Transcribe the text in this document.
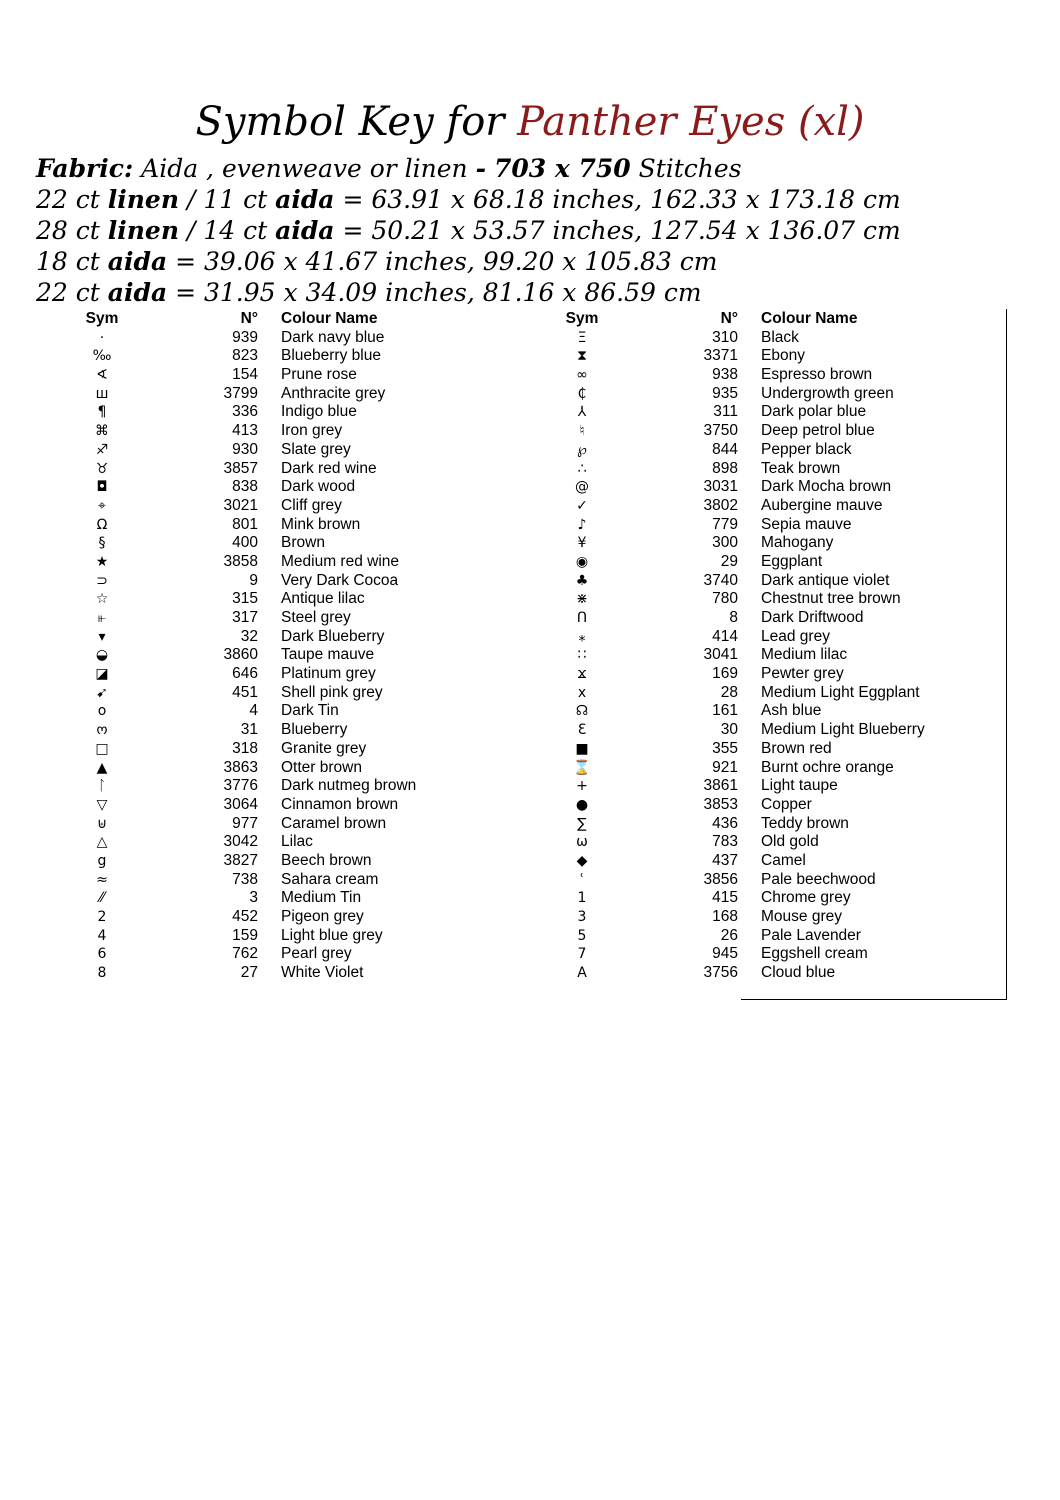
Symbol Key for Panther Eyes (xl)
Fabric: Aida , evenweave or linen - 703 x 750 Stitches
22 ct linen / 11 ct aida = 63.91 x 68.18 inches, 162.33 x 173.18 cm
28 ct linen / 14 ct aida = 50.21 x 53.57 inches, 127.54 x 136.07 cm
18 ct aida = 39.06 x 41.67 inches, 99.20 x 105.83 cm
22 ct aida = 31.95 x 34.09 inches, 81.16 x 86.59 cm
Sym	N° Colour Name
·	939 Dark navy blue
‰	823 Blueberry blue
∢	154 Prune rose
ш	3799 Anthracite grey
¶	336 Indigo blue
⌘	413 Iron grey
♐	930 Slate grey
♉	3857 Dark red wine
◘	838 Dark wood
⌖	3021 Cliff grey
Ω	801 Mink brown
§	400 Brown
★	3858 Medium red wine
⊃	9 Very Dark Cocoa
☆	315 Antique lilac
⫦	317 Steel grey
▾	32 Dark Blueberry
◒	3860 Taupe mauve
◪	646 Platinum grey
➹	451 Shell pink grey
o	4 Dark Tin
ო	31 Blueberry
□	318 Granite grey
▲	3863 Otter brown
ᛚ	3776 Dark nutmeg brown
▽	3064 Cinnamon brown
⊎	977 Caramel brown
△	3042 Lilac
g	3827 Beech brown
≈	738 Sahara cream
⁄⁄	3 Medium Tin
2	452 Pigeon grey
4	159 Light blue grey
6	762 Pearl grey
8	27 White Violet
Sym	N° Colour Name
Ξ	310 Black
⧗	3371 Ebony
∞	938 Espresso brown
₵	935 Undergrowth green
⅄	311 Dark polar blue
♮	3750 Deep petrol blue
℘	844 Pepper black
∴	898 Teak brown
@	3031 Dark Mocha brown
✓	3802 Aubergine mauve
♪	779 Sepia mauve
¥	300 Mahogany
◉	29 Eggplant
♣	3740 Dark antique violet
⋇	780 Chestnut tree brown
ᑎ	8 Dark Driftwood
⁎	414 Lead grey
∷	3041 Medium lilac
ϫ	169 Pewter grey
x	28 Medium Light Eggplant
☊	161 Ash blue
Ɛ	30 Medium Light Blueberry
■	355 Brown red
⌛	921 Burnt ochre orange
+	3861 Light taupe
●	3853 Copper
∑	436 Teddy brown
ω	783 Old gold
◆	437 Camel
ʿ	3856 Pale beechwood
1	415 Chrome grey
3	168 Mouse grey
5	26 Pale Lavender
7	945 Eggshell cream
A	3756 Cloud blue
